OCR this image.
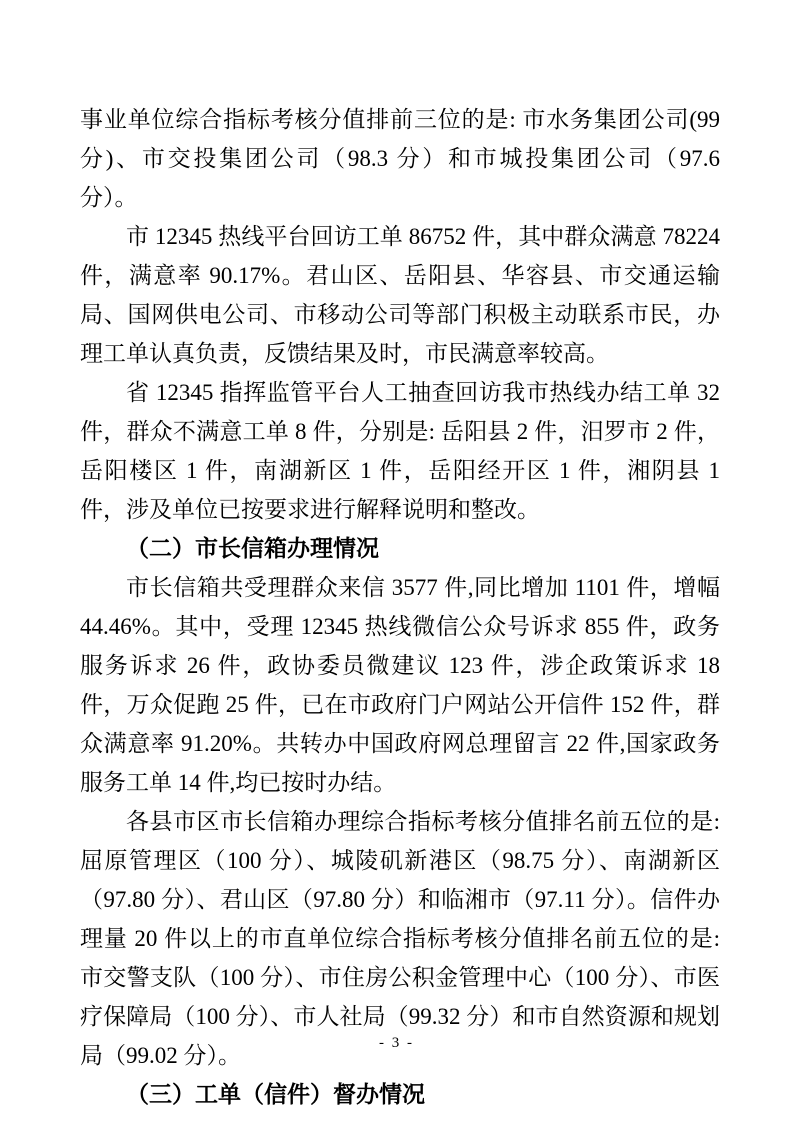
事业单位综合指标考核分值排前三位的是: 市水务集团公司(99 分)、市交投集团公司（98.3 分）和市城投集团公司（97.6 分）。

市 12345 热线平台回访工单 86752 件，其中群众满意 78224 件，满意率 90.17%。君山区、岳阳县、华容县、市交通运输局、国网供电公司、市移动公司等部门积极主动联系市民，办理工单认真负责，反馈结果及时，市民满意率较高。

省 12345 指挥监管平台人工抽查回访我市热线办结工单 32 件，群众不满意工单 8 件，分别是: 岳阳县 2 件，汨罗市 2 件，岳阳楼区 1 件，南湖新区 1 件，岳阳经开区 1 件，湘阴县 1 件，涉及单位已按要求进行解释说明和整改。

（二）市长信箱办理情况

市长信箱共受理群众来信 3577 件,同比增加 1101 件，增幅 44.46%。其中，受理 12345 热线微信公众号诉求 855 件，政务服务诉求 26 件，政协委员微建议 123 件，涉企政策诉求 18 件，万众促跑 25 件，已在市政府门户网站公开信件 152 件，群众满意率 91.20%。共转办中国政府网总理留言 22 件,国家政务服务工单 14 件,均已按时办结。

各县市区市长信箱办理综合指标考核分值排名前五位的是:屈原管理区（100 分）、城陵矶新港区（98.75 分）、南湖新区（97.80 分）、君山区（97.80 分）和临湘市（97.11 分）。信件办理量 20 件以上的市直单位综合指标考核分值排名前五位的是: 市交警支队（100 分）、市住房公积金管理中心（100 分）、市医疗保障局（100 分）、市人社局（99.32 分）和市自然资源和规划局（99.02 分）。

（三）工单（信件）督办情况

- 3 -
